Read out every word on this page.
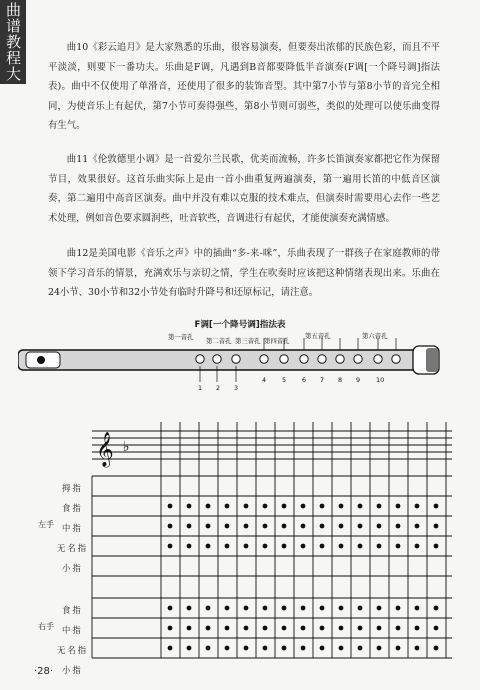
曲谱教程大

曲10《彩云追月》是大家熟悉的乐曲，很容易演奏，但要奏出浓郁的民族色彩，而且不平平淡淡，则要下一番功夫。乐曲是F调，凡遇到B音都要降低半音演奏(F调[一个降号调]指法表)。曲中不仅使用了单滑音，还使用了很多的装饰音型。其中第7小节与第8小节的音完全相同，为使音乐上有起伏，第7小节可奏得强些，第8小节则可弱些，类似的处理可以使乐曲变得有生气。

曲11《伦敦德里小调》是一首爱尔兰民歌，优美而流畅，许多长笛演奏家都把它作为保留节目，效果很好。这首乐曲实际上是由一首小曲重复两遍演奏，第一遍用长笛的中低音区演奏，第二遍用中高音区演奏。曲中并没有难以克服的技术难点，但演奏时需要用心去作一些艺术处理，例如音色要求圆润些，吐音软些，音调进行有起伏，才能使演奏充满情感。

曲12是美国电影《音乐之声》中的插曲“多-来-咪”，乐曲表现了一群孩子在家庭教师的带领下学习音乐的情景，充满欢乐与亲切之情，学生在吹奏时应该把这种情绪表现出来。乐曲在24小节、30小节和32小节处有临时升降号和还原标记，请注意。

F调[一个降号调]指法表
第一音孔 第二音孔 第三音孔 第四音孔
第五音孔	第六音孔
1 2 3
4 5 6 7 8 9 10
𝄞 ♭
左手
右手
拇指
食指
中指
无名指
小指
食指
中指
无名指
小指
·28·
